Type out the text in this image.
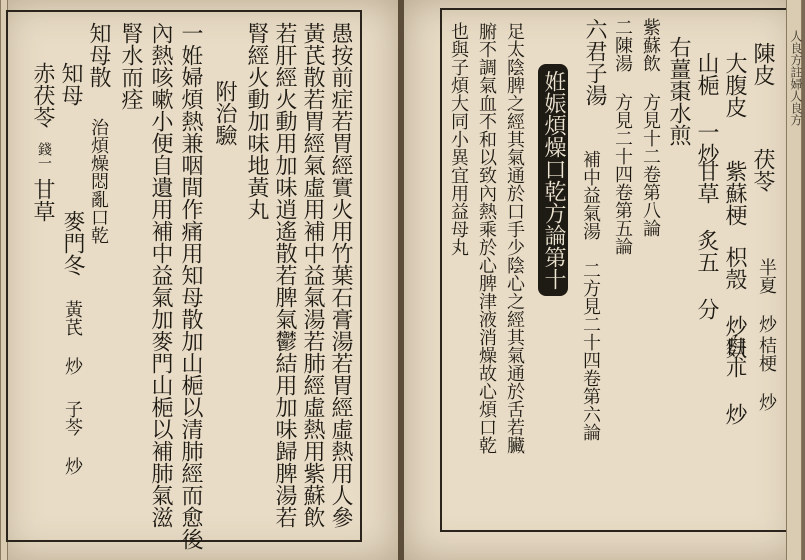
愚按前症若胃經實火用竹葉石膏湯若胃經虛熱用人參
黃芪散若胃經氣虛用補中益氣湯若肺經虛熱用紫蘇飲
若肝經火動用加味逍遙散若脾氣鬱結用加味歸脾湯若
腎經火動加味地黃丸
附治驗
一姙婦煩熱兼咽間作痛用知母散加山梔以清肺經而愈後
內熱咳嗽小便自遺用補中益氣加麥門山梔以補肺氣滋
腎水而痊
知母散
治煩燥悶亂口乾
知母
麥門冬
黃芪 炒
赤茯苓
錢一
甘草
子芩 炒
人良方註婦人良方
陳皮
大腹皮
茯苓
半夏 炒
山梔 一炒
紫蘇梗
桔梗 炒
甘草 炙五 分 枳殼 炒麩
白朮 炒
右薑棗水煎
紫蘇飲 方見十二卷第八論
二陳湯 方見二十四卷第五論
六君子湯
補中益氣湯 二方見二十四卷第六論
姙娠煩燥口乾方論第十
足太陰脾之經其氣通於口手少陰心之經其氣通於舌若臟
腑不調氣血不和以致內熱乘於心脾津液消燥故心煩口乾
也與子煩大同小異宜用益母丸
